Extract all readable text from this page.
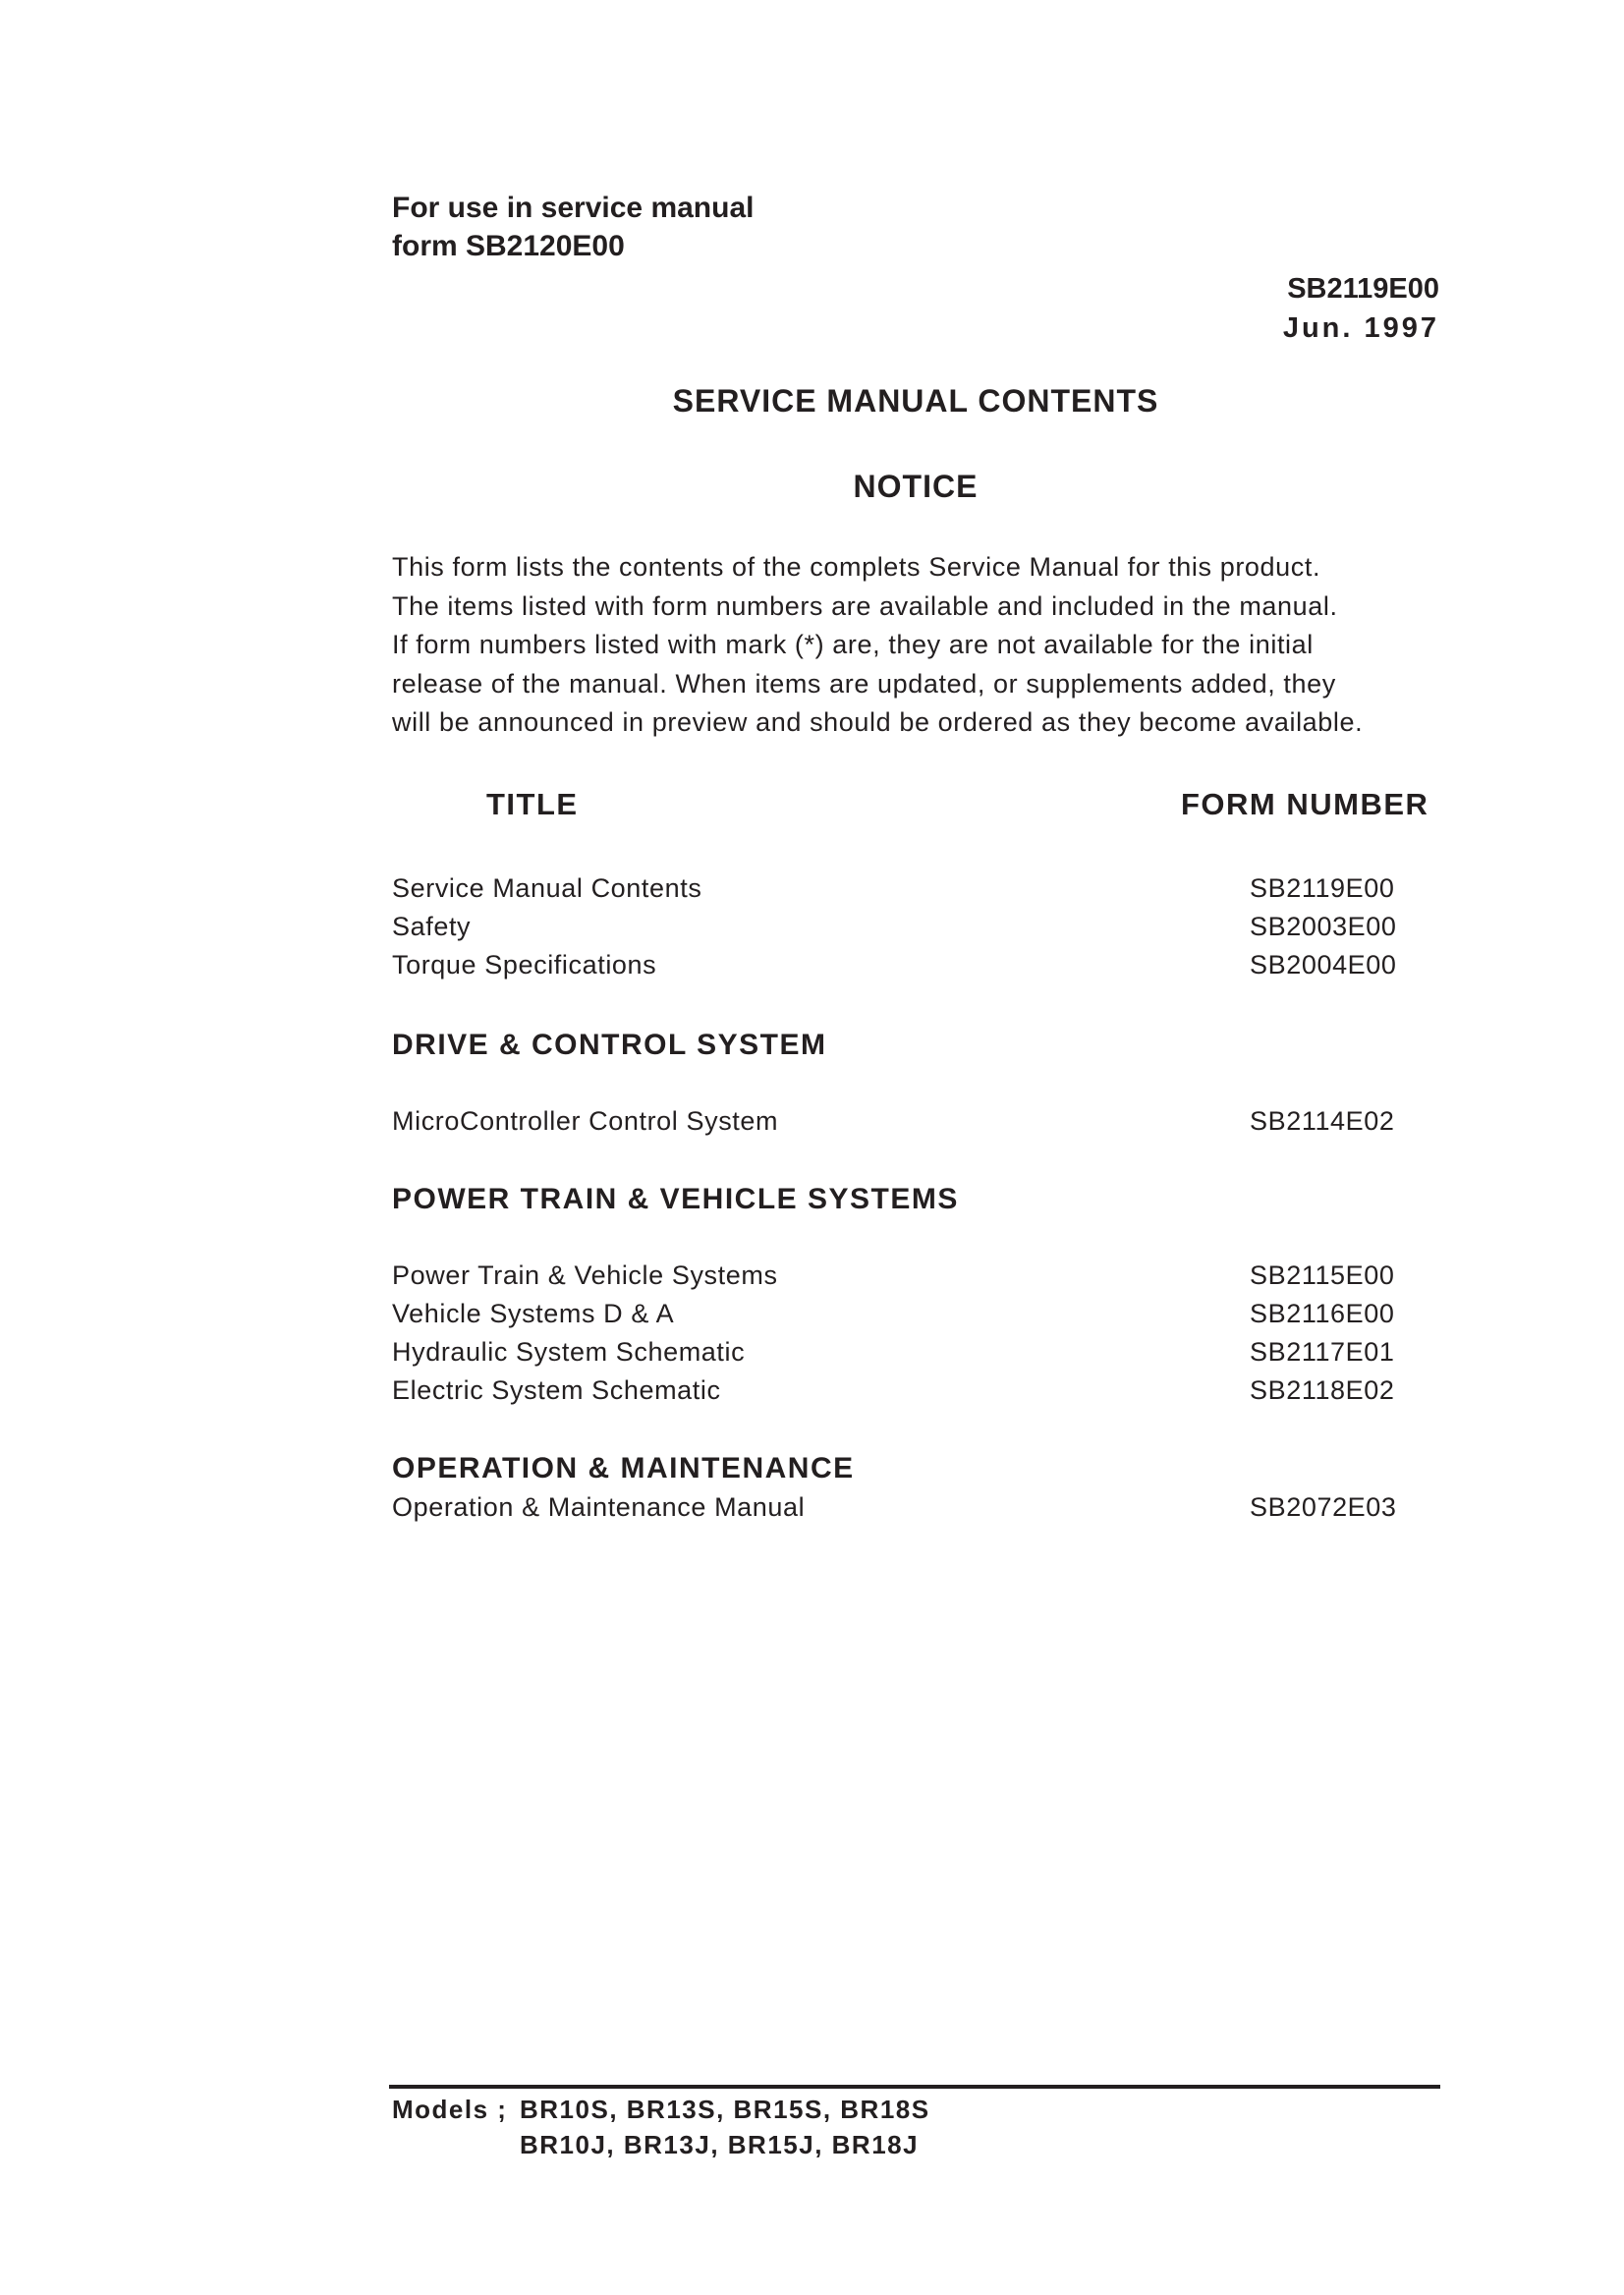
For use in service manual
form SB2120E00
SB2119E00
Jun. 1997
SERVICE MANUAL CONTENTS
NOTICE
This form lists the contents of the complets Service Manual for this product.
The items listed with form numbers are available and included in the manual.
If form numbers listed with mark (*) are, they are not available for the initial
release of the manual. When items are updated, or supplements added, they
will be announced in preview and should be ordered as they become available.
TITLE	FORM NUMBER
Service Manual Contents	SB2119E00
Safety	SB2003E00
Torque Specifications	SB2004E00
DRIVE & CONTROL SYSTEM
MicroController Control System	SB2114E02
POWER TRAIN & VEHICLE SYSTEMS
Power Train & Vehicle Systems	SB2115E00
Vehicle Systems D & A	SB2116E00
Hydraulic System Schematic	SB2117E01
Electric System Schematic	SB2118E02
OPERATION & MAINTENANCE
Operation & Maintenance Manual	SB2072E03
Models ; BR10S, BR13S, BR15S, BR18S
BR10J, BR13J, BR15J, BR18J
